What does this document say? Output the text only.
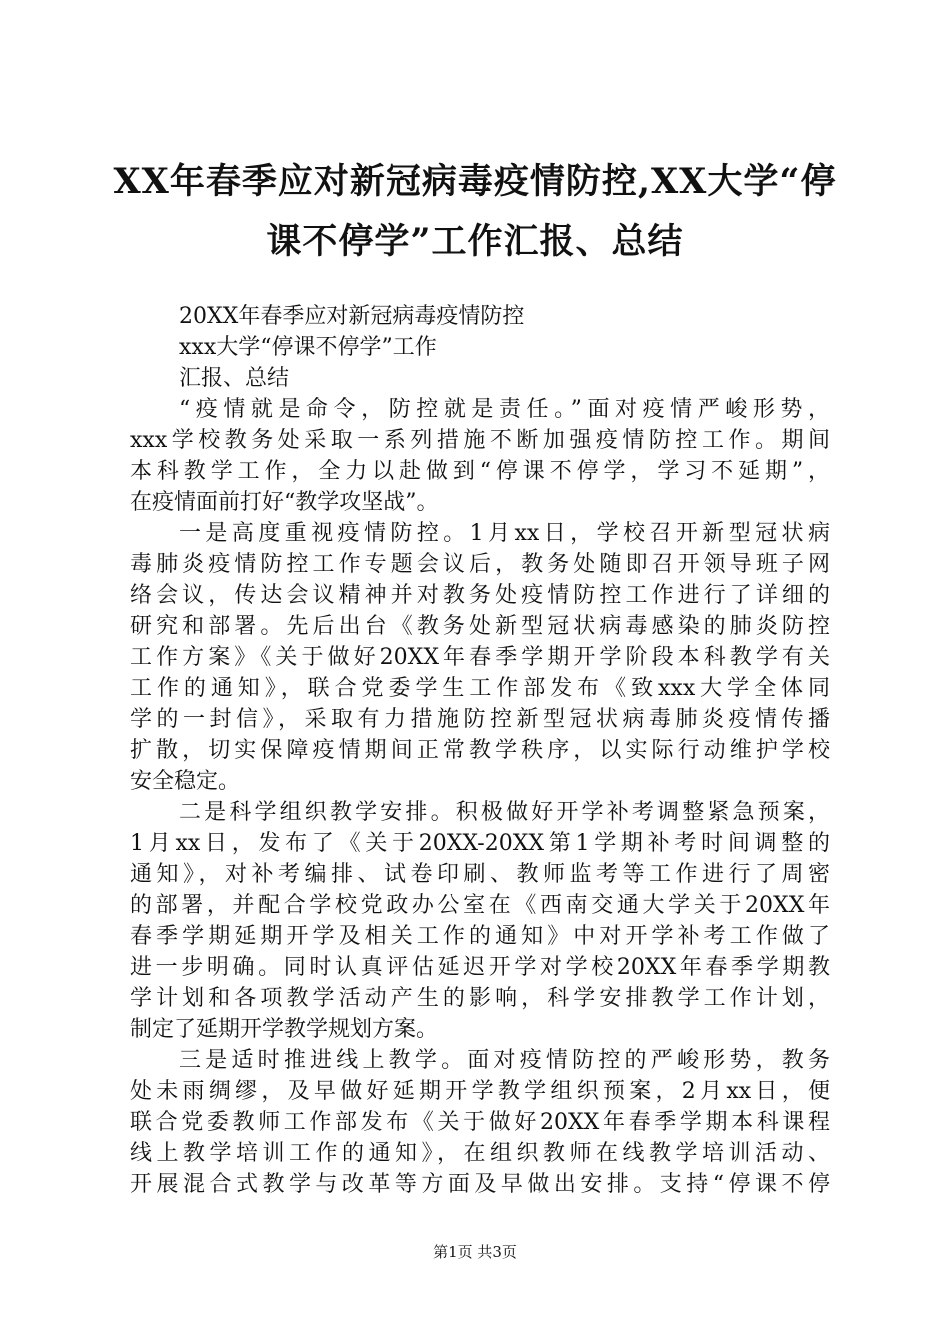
XX年春季应对新冠病毒疫情防控,XX大学“停
课不停学”工作汇报、总结
20XX年春季应对新冠病毒疫情防控
xxx大学“停课不停学”工作
汇报、总结
“疫情就是命令，防控就是责任。”面对疫情严峻形势，
xxx学校教务处采取一系列措施不断加强疫情防控工作。期间
本科教学工作，全力以赴做到“停课不停学，学习不延期”，
在疫情面前打好“教学攻坚战”。
一是高度重视疫情防控。1月xx日，学校召开新型冠状病
毒肺炎疫情防控工作专题会议后，教务处随即召开领导班子网
络会议，传达会议精神并对教务处疫情防控工作进行了详细的
研究和部署。先后出台《教务处新型冠状病毒感染的肺炎防控
工作方案》《关于做好20XX年春季学期开学阶段本科教学有关
工作的通知》，联合党委学生工作部发布《致xxx大学全体同
学的一封信》，采取有力措施防控新型冠状病毒肺炎疫情传播
扩散，切实保障疫情期间正常教学秩序，以实际行动维护学校
安全稳定。
二是科学组织教学安排。积极做好开学补考调整紧急预案，
1月xx日，发布了《关于20XX-20XX第1学期补考时间调整的
通知》，对补考编排、试卷印刷、教师监考等工作进行了周密
的部署，并配合学校党政办公室在《西南交通大学关于20XX年
春季学期延期开学及相关工作的通知》中对开学补考工作做了
进一步明确。同时认真评估延迟开学对学校20XX年春季学期教
学计划和各项教学活动产生的影响，科学安排教学工作计划，
制定了延期开学教学规划方案。
三是适时推进线上教学。面对疫情防控的严峻形势，教务
处未雨绸缪，及早做好延期开学教学组织预案，2月xx日，便
联合党委教师工作部发布《关于做好20XX年春季学期本科课程
线上教学培训工作的通知》，在组织教师在线教学培训活动、
开展混合式教学与改革等方面及早做出安排。支持“停课不停
第1页 共3页
